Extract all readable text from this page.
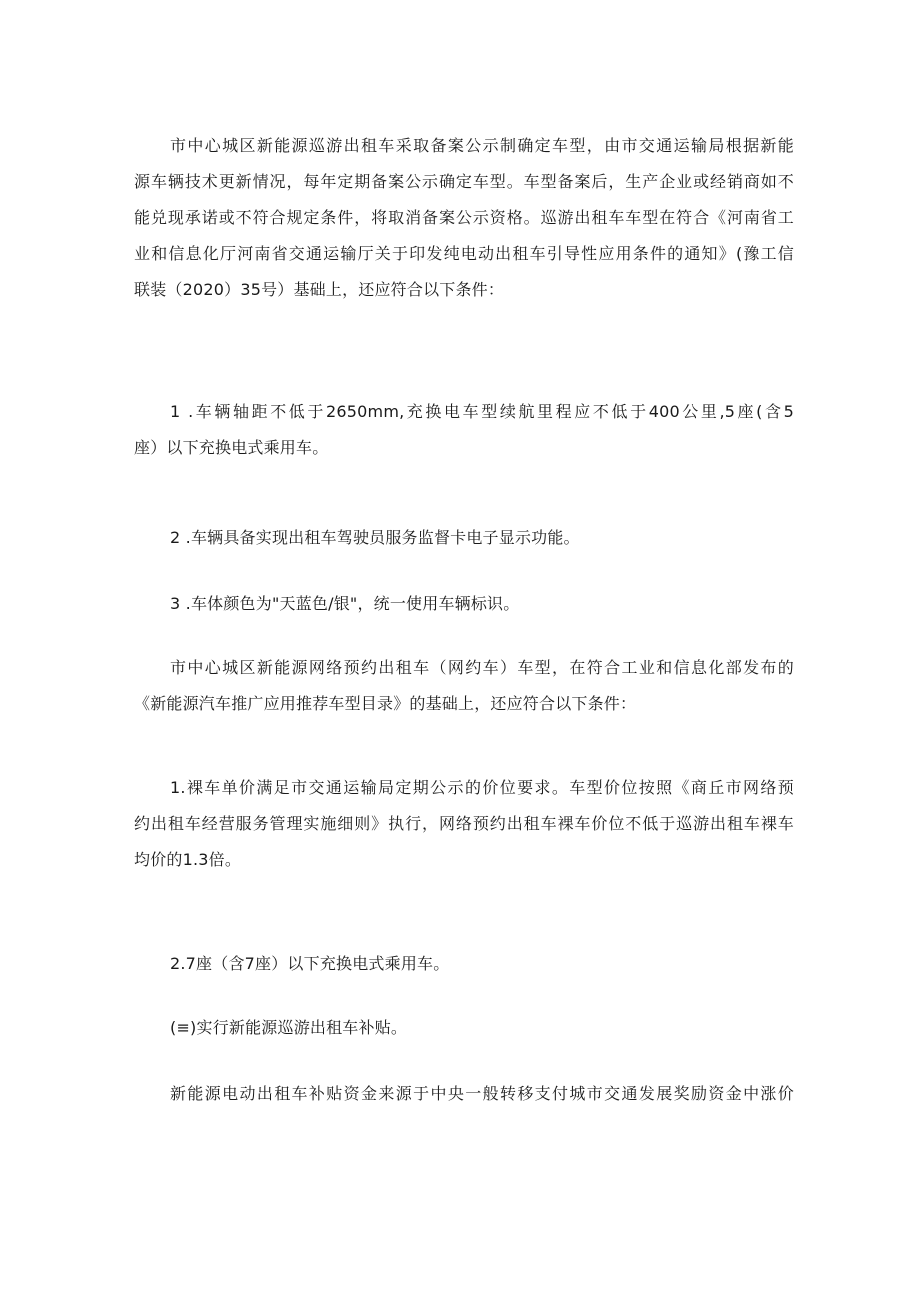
市中心城区新能源巡游出租车采取备案公示制确定车型，由市交通运输局根据新能
源车辆技术更新情况，每年定期备案公示确定车型。车型备案后，生产企业或经销商如不
能兑现承诺或不符合规定条件，将取消备案公示资格。巡游出租车车型在符合《河南省工
业和信息化厅河南省交通运输厅关于印发纯电动出租车引导性应用条件的通知》(豫工信
联装（2020）35号）基础上，还应符合以下条件：

1 .车辆轴距不低于2650mm,充换电车型续航里程应不低于400公里,5座(含5
座）以下充换电式乘用车。

2 .车辆具备实现出租车驾驶员服务监督卡电子显示功能。

3 .车体颜色为"天蓝色/银"，统一使用车辆标识。

市中心城区新能源网络预约出租车（网约车）车型，在符合工业和信息化部发布的
《新能源汽车推广应用推荐车型目录》的基础上，还应符合以下条件：

1.裸车单价满足市交通运输局定期公示的价位要求。车型价位按照《商丘市网络预
约出租车经营服务管理实施细则》执行，网络预约出租车裸车价位不低于巡游出租车裸车
均价的1.3倍。

2.7座（含7座）以下充换电式乘用车。

(≡)实行新能源巡游出租车补贴。

新能源电动出租车补贴资金来源于中央一般转移支付城市交通发展奖励资金中涨价
